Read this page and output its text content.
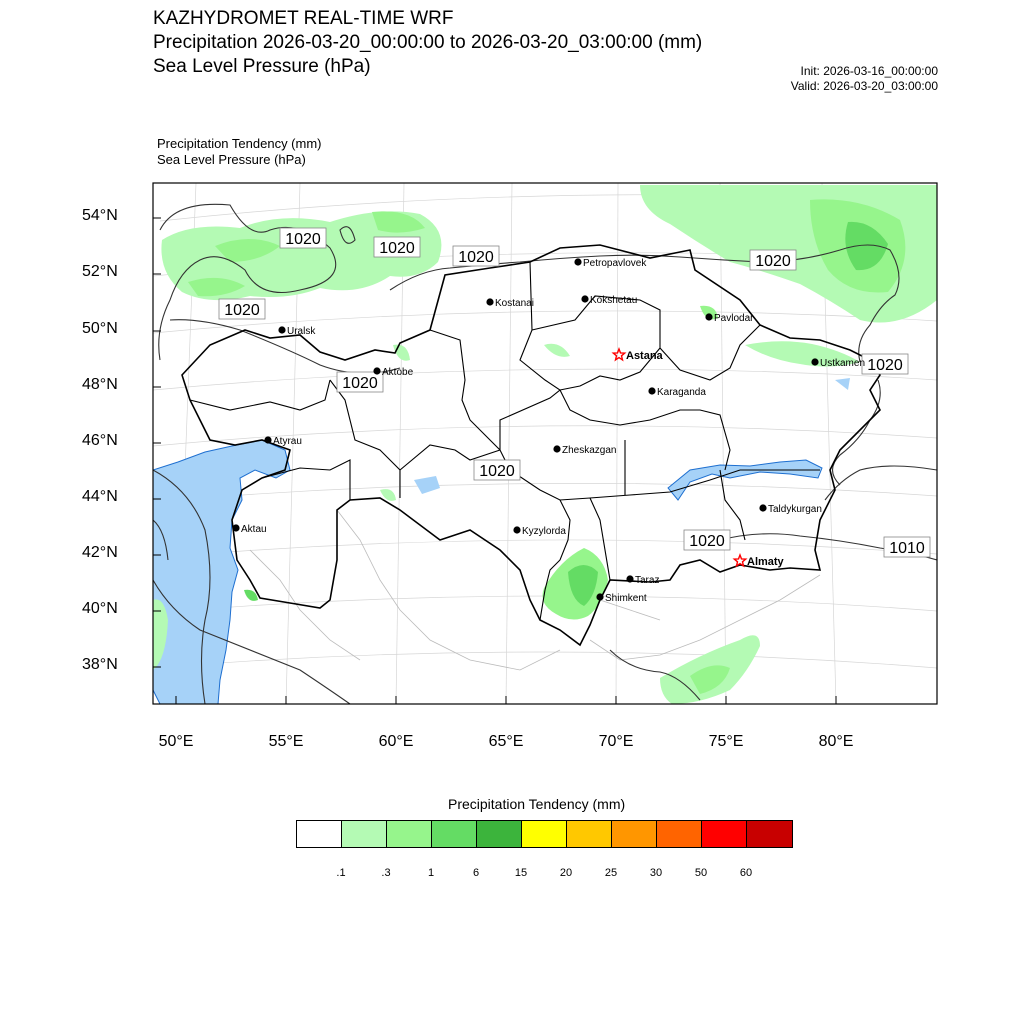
KAZHYDROMET REAL-TIME WRF
Precipitation 2026-03-20_00:00:00 to 2026-03-20_03:00:00 (mm)
Sea Level Pressure (hPa)	Init: 2026-03-16_00:00:00
Valid: 2026-03-20_03:00:00
Precipitation Tendency (mm)
Sea Level Pressure (hPa)
1020
1020
1020
1020
1020
1020
1020
1020
1020
1010
Petropavlovek
Kostanai	Kokshetau
Pavlodar
Uralsk
Astana
Aktobe
Ustkamen
Karaganda
Atyrau
Zheskazgan
Aktau	Kyzylorda
Taldykurgan
Almaty
Taraz
Shimkent
54°N
52°N
50°N
48°N
46°N
44°N
42°N
40°N
38°N
50°E	55°E	60°E	65°E	70°E	75°E	80°E
Precipitation Tendency (mm)
.1	.3	1	6	15	20	25	30	50	60
